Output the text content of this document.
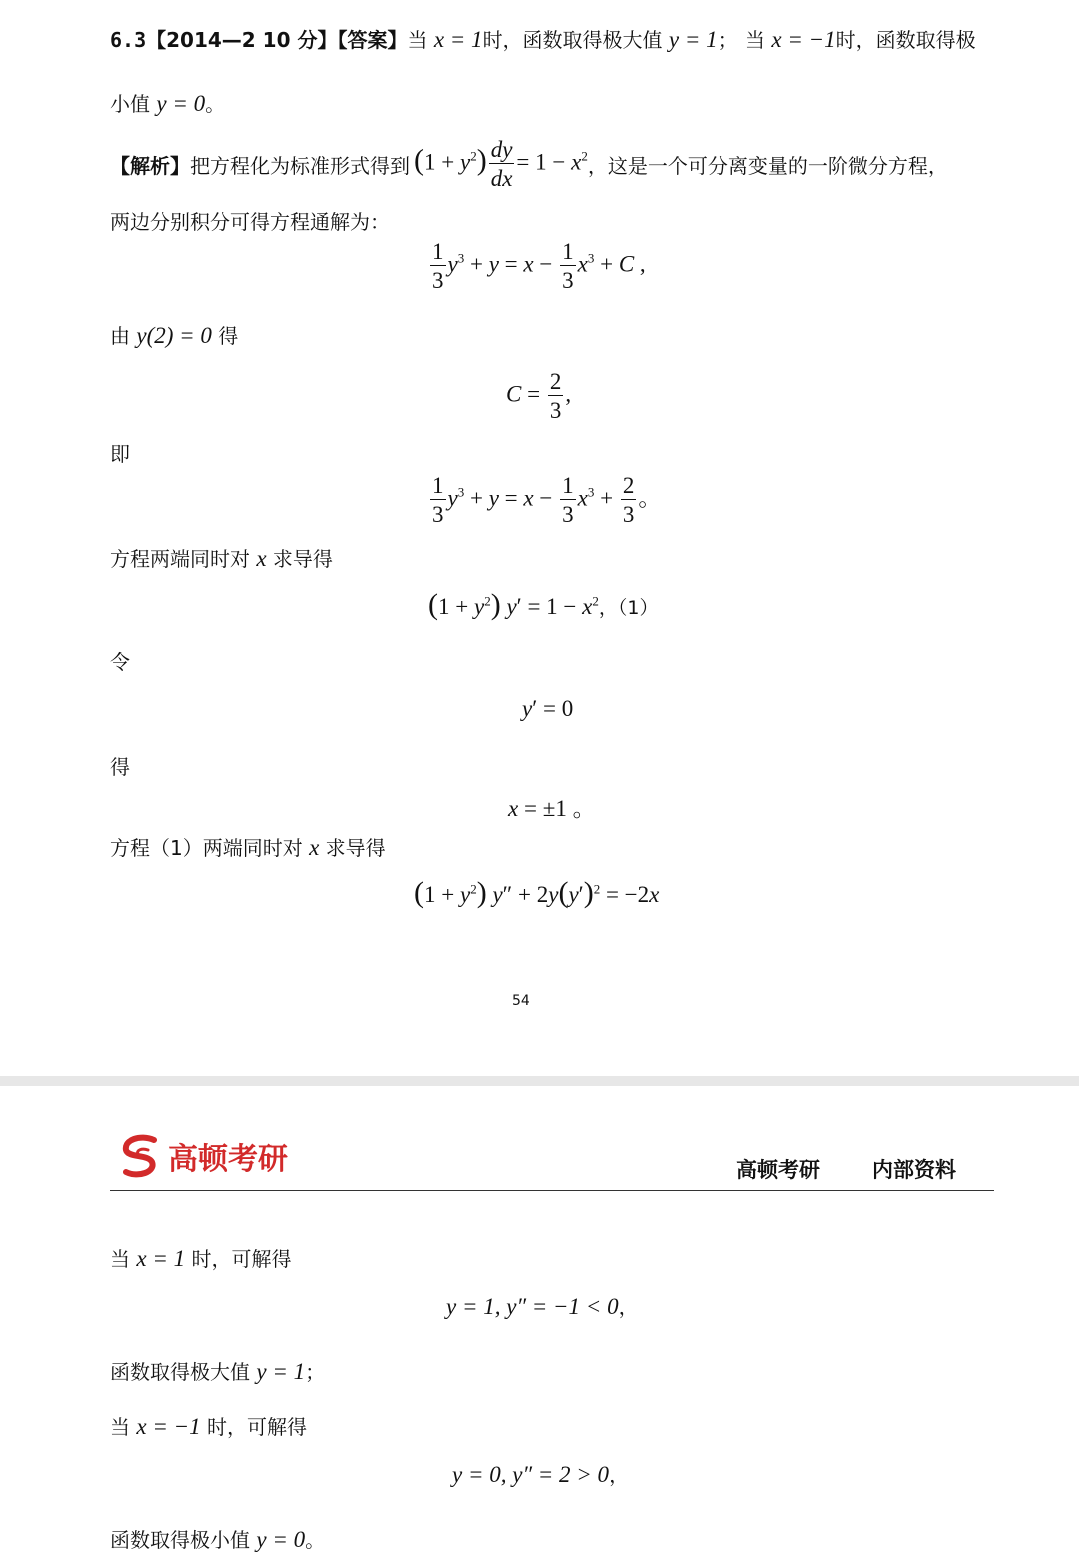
6.3【2014—2 10 分】【答案】当 x = 1时，函数取得极大值 y = 1； 当 x = −1时，函数取得极
小值 y = 0。
【解析】 把方程化为标准形式得到 $(1 + y^2) \frac{dy}{dx} = 1 - x^2$ ，这是一个可分离变量的一阶微分方程，
两边分别积分可得方程通解为：
$\frac{1}{3} y^3 + y = x - \frac{1}{3} x^3 + C$ ,
由 y(2) = 0 得
$C = \frac{2}{3}$ ,
即
$\frac{1}{3} y^3 + y = x - \frac{1}{3} x^3 + \frac{2}{3}$ 。
方程两端同时对 x 求导得
$(1 + y^2)$ $y' = 1 - x^2$，（1）
令
y′ = 0
得
x = ±1 。
方程（1）两端同时对 x 求导得
$(1 + y^2)$ $y'' + 2y(y')^2 = -2x$
54
高顿考研	高顿考研 内部资料
当 x = 1 时，可解得
y = 1, y″ = −1 < 0，
函数取得极大值 y = 1；
当 x = −1 时，可解得
y = 0, y″ = 2 > 0，
函数取得极小值 y = 0。
